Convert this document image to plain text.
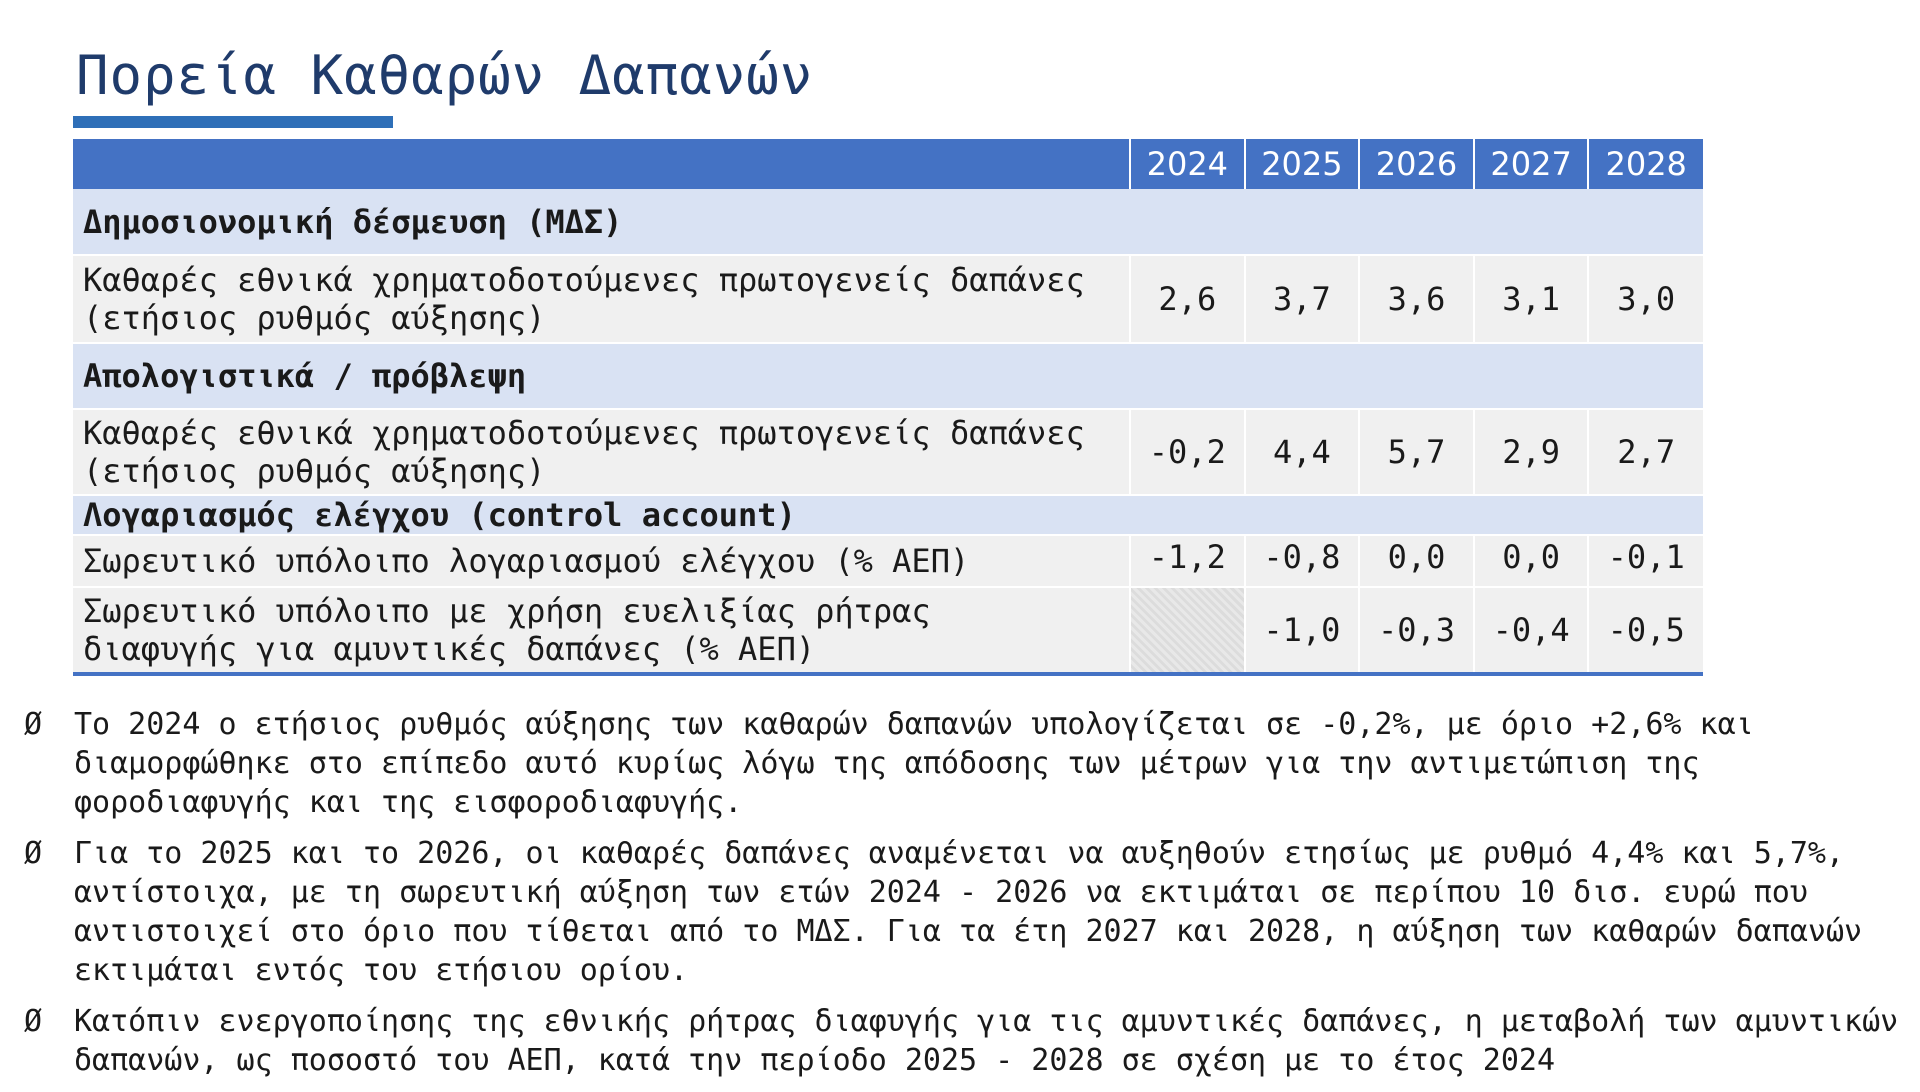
Πορεία Καθαρών Δαπανών
	2024	2025	2026	2027	2028
Δημοσιονομική δέσμευση (ΜΔΣ)					

Καθαρές εθνικά χρηματοδοτούμενες πρωτογενείς δαπάνες
(ετήσιος ρυθμός αύξησης)	2,6	3,7	3,6	3,1	3,0
Απολογιστικά / πρόβλεψη					

Καθαρές εθνικά χρηματοδοτούμενες πρωτογενείς δαπάνες
(ετήσιος ρυθμός αύξησης)	-0,2	4,4	5,7	2,9	2,7
Λογαριασμός ελέγχου (control account)					

Σωρευτικό υπόλοιπο λογαριασμού ελέγχου (% ΑΕΠ)	-1,2	-0,8	0,0	0,0	-0,1

Σωρευτικό υπόλοιπο με χρήση ευελιξίας ρήτρας
διαφυγής για αμυντικές δαπάνες (% ΑΕΠ)		-1,0	-0,3	-0,4	-0,5
Ø	Το 2024 ο ετήσιος ρυθμός αύξησης των καθαρών δαπανών υπολογίζεται σε -0,2%, με όριο +2,6% και διαμορφώθηκε στο επίπεδο αυτό κυρίως λόγω της απόδοσης των μέτρων για την αντιμετώπιση της φοροδιαφυγής και της εισφοροδιαφυγής.
Ø	Για το 2025 και το 2026, οι καθαρές δαπάνες αναμένεται να αυξηθούν ετησίως με ρυθμό 4,4% και 5,7%, αντίστοιχα, με τη σωρευτική αύξηση των ετών 2024 - 2026 να εκτιμάται σε περίπου 10 δισ. ευρώ που αντιστοιχεί στο όριο που τίθεται από το ΜΔΣ. Για τα έτη 2027 και 2028, η αύξηση των καθαρών δαπανών εκτιμάται εντός του ετήσιου ορίου.
Ø	Κατόπιν ενεργοποίησης της εθνικής ρήτρας διαφυγής για τις αμυντικές δαπάνες, η μεταβολή των αμυντικών δαπανών, ως ποσοστό του ΑΕΠ, κατά την περίοδο 2025 - 2028 σε σχέση με το έτος 2024
